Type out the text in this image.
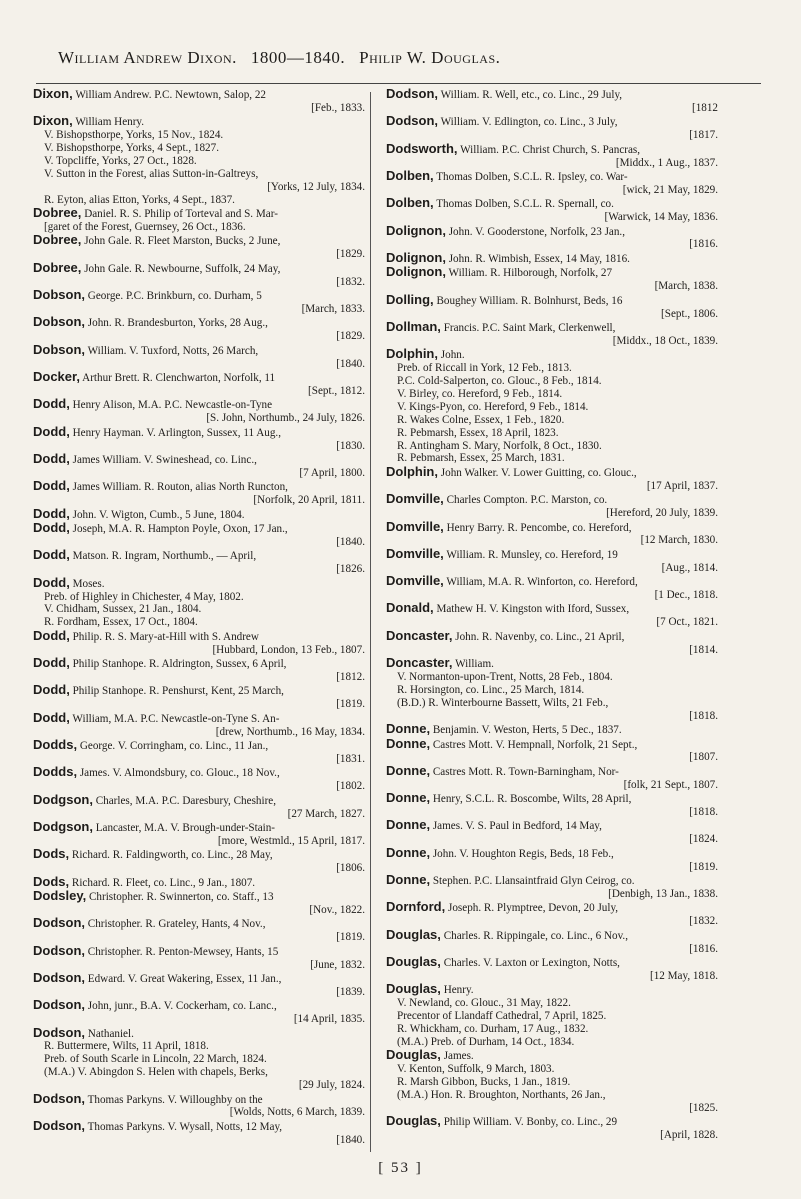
William Andrew Dixon. 1800—1840. Philip W. Douglas.
Dixon, William Andrew. P.C. Newtown, Salop, 22
[Feb., 1833.
Dixon, William Henry.
V. Bishopsthorpe, Yorks, 15 Nov., 1824.
V. Bishopsthorpe, Yorks, 4 Sept., 1827.
V. Topcliffe, Yorks, 27 Oct., 1828.
V. Sutton in the Forest, alias Sutton-in-Galtreys,
[Yorks, 12 July, 1834.
R. Eyton, alias Etton, Yorks, 4 Sept., 1837.
Dobree, Daniel. R. S. Philip of Torteval and S. Mar-
[garet of the Forest, Guernsey, 26 Oct., 1836.
Dobree, John Gale. R. Fleet Marston, Bucks, 2 June,
[1829.
Dobree, John Gale. R. Newbourne, Suffolk, 24 May,
[1832.
Dobson, George. P.C. Brinkburn, co. Durham, 5
[March, 1833.
Dobson, John. R. Brandesburton, Yorks, 28 Aug.,
[1829.
Dobson, William. V. Tuxford, Notts, 26 March,
[1840.
Docker, Arthur Brett. R. Clenchwarton, Norfolk, 11
[Sept., 1812.
Dodd, Henry Alison, M.A. P.C. Newcastle-on-Tyne
[S. John, Northumb., 24 July, 1826.
Dodd, Henry Hayman. V. Arlington, Sussex, 11 Aug.,
[1830.
Dodd, James William. V. Swineshead, co. Linc.,
[7 April, 1800.
Dodd, James William. R. Routon, alias North Runcton,
[Norfolk, 20 April, 1811.
Dodd, John. V. Wigton, Cumb., 5 June, 1804.
Dodd, Joseph, M.A. R. Hampton Poyle, Oxon, 17 Jan.,
[1840.
Dodd, Matson. R. Ingram, Northumb., — April,
[1826.
Dodd, Moses.
Preb. of Highley in Chichester, 4 May, 1802.
V. Chidham, Sussex, 21 Jan., 1804.
R. Fordham, Essex, 17 Oct., 1804.
Dodd, Philip. R. S. Mary-at-Hill with S. Andrew
[Hubbard, London, 13 Feb., 1807.
Dodd, Philip Stanhope. R. Aldrington, Sussex, 6 April,
[1812.
Dodd, Philip Stanhope. R. Penshurst, Kent, 25 March,
[1819.
Dodd, William, M.A. P.C. Newcastle-on-Tyne S. An-
[drew, Northumb., 16 May, 1834.
Dodds, George. V. Corringham, co. Linc., 11 Jan.,
[1831.
Dodds, James. V. Almondsbury, co. Glouc., 18 Nov.,
[1802.
Dodgson, Charles, M.A. P.C. Daresbury, Cheshire,
[27 March, 1827.
Dodgson, Lancaster, M.A. V. Brough-under-Stain-
[more, Westmld., 15 April, 1817.
Dods, Richard. R. Faldingworth, co. Linc., 28 May,
[1806.
Dods, Richard. R. Fleet, co. Linc., 9 Jan., 1807.
Dodsley, Christopher. R. Swinnerton, co. Staff., 13
[Nov., 1822.
Dodson, Christopher. R. Grateley, Hants, 4 Nov.,
[1819.
Dodson, Christopher. R. Penton-Mewsey, Hants, 15
[June, 1832.
Dodson, Edward. V. Great Wakering, Essex, 11 Jan.,
[1839.
Dodson, John, junr., B.A. V. Cockerham, co. Lanc.,
[14 April, 1835.
Dodson, Nathaniel.
R. Buttermere, Wilts, 11 April, 1818.
Preb. of South Scarle in Lincoln, 22 March, 1824.
(M.A.) V. Abingdon S. Helen with chapels, Berks,
[29 July, 1824.
Dodson, Thomas Parkyns. V. Willoughby on the
[Wolds, Notts, 6 March, 1839.
Dodson, Thomas Parkyns. V. Wysall, Notts, 12 May,
[1840.
Dodson, William. R. Well, etc., co. Linc., 29 July,
[1812
Dodson, William. V. Edlington, co. Linc., 3 July,
[1817.
Dodsworth, William. P.C. Christ Church, S. Pancras,
[Middx., 1 Aug., 1837.
Dolben, Thomas Dolben, S.C.L. R. Ipsley, co. War-
[wick, 21 May, 1829.
Dolben, Thomas Dolben, S.C.L. R. Spernall, co.
[Warwick, 14 May, 1836.
Dolignon, John. V. Gooderstone, Norfolk, 23 Jan.,
[1816.
Dolignon, John. R. Wimbish, Essex, 14 May, 1816.
Dolignon, William. R. Hilborough, Norfolk, 27
[March, 1838.
Dolling, Boughey William. R. Bolnhurst, Beds, 16
[Sept., 1806.
Dollman, Francis. P.C. Saint Mark, Clerkenwell,
[Middx., 18 Oct., 1839.
Dolphin, John.
Preb. of Riccall in York, 12 Feb., 1813.
P.C. Cold-Salperton, co. Glouc., 8 Feb., 1814.
V. Birley, co. Hereford, 9 Feb., 1814.
V. Kings-Pyon, co. Hereford, 9 Feb., 1814.
R. Wakes Colne, Essex, 1 Feb., 1820.
R. Pebmarsh, Essex, 18 April, 1823.
R. Antingham S. Mary, Norfolk, 8 Oct., 1830.
R. Pebmarsh, Essex, 25 March, 1831.
Dolphin, John Walker. V. Lower Guitting, co. Glouc.,
[17 April, 1837.
Domville, Charles Compton. P.C. Marston, co.
[Hereford, 20 July, 1839.
Domville, Henry Barry. R. Pencombe, co. Hereford,
[12 March, 1830.
Domville, William. R. Munsley, co. Hereford, 19
[Aug., 1814.
Domville, William, M.A. R. Winforton, co. Hereford,
[1 Dec., 1818.
Donald, Mathew H. V. Kingston with Iford, Sussex,
[7 Oct., 1821.
Doncaster, John. R. Navenby, co. Linc., 21 April,
[1814.
Doncaster, William.
V. Normanton-upon-Trent, Notts, 28 Feb., 1804.
R. Horsington, co. Linc., 25 March, 1814.
(B.D.) R. Winterbourne Bassett, Wilts, 21 Feb.,
[1818.
Donne, Benjamin. V. Weston, Herts, 5 Dec., 1837.
Donne, Castres Mott. V. Hempnall, Norfolk, 21 Sept.,
[1807.
Donne, Castres Mott. R. Town-Barningham, Nor-
[folk, 21 Sept., 1807.
Donne, Henry, S.C.L. R. Boscombe, Wilts, 28 April,
[1818.
Donne, James. V. S. Paul in Bedford, 14 May,
[1824.
Donne, John. V. Houghton Regis, Beds, 18 Feb.,
[1819.
Donne, Stephen. P.C. Llansaintfraid Glyn Ceirog, co.
[Denbigh, 13 Jan., 1838.
Dornford, Joseph. R. Plymptree, Devon, 20 July,
[1832.
Douglas, Charles. R. Rippingale, co. Linc., 6 Nov.,
[1816.
Douglas, Charles. V. Laxton or Lexington, Notts,
[12 May, 1818.
Douglas, Henry.
V. Newland, co. Glouc., 31 May, 1822.
Precentor of Llandaff Cathedral, 7 April, 1825.
R. Whickham, co. Durham, 17 Aug., 1832.
(M.A.) Preb. of Durham, 14 Oct., 1834.
Douglas, James.
V. Kenton, Suffolk, 9 March, 1803.
R. Marsh Gibbon, Bucks, 1 Jan., 1819.
(M.A.) Hon. R. Broughton, Northants, 26 Jan.,
[1825.
Douglas, Philip William. V. Bonby, co. Linc., 29
[April, 1828.
[ 53 ]
